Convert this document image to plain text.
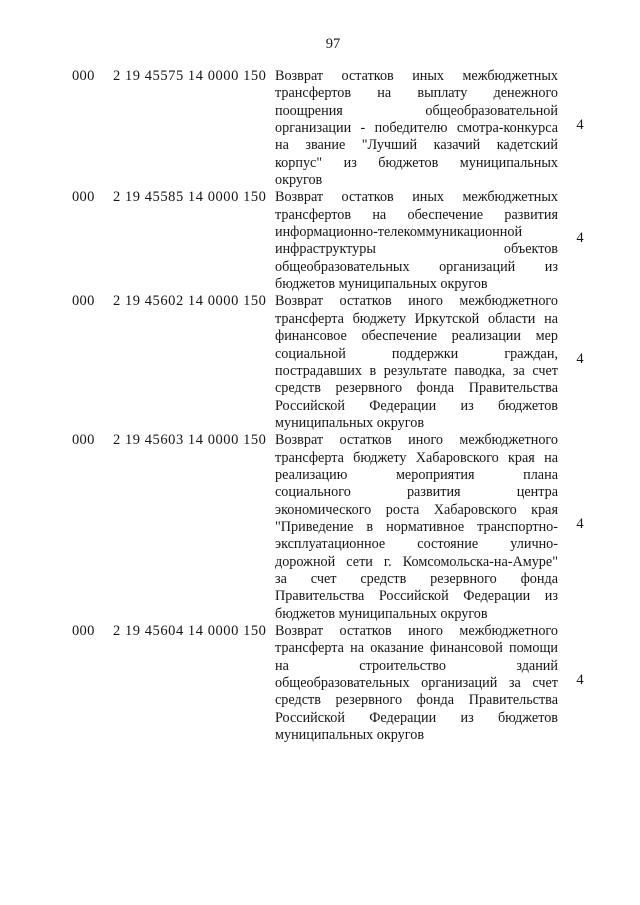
97
000	2 19 45575 14 0000 150 Возврат остатков иных межбюджетных
трансфертов на выплату денежного
поощрения общеобразовательной
организации - победителю смотра-конкурса
на звание "Лучший казачий кадетский
корпус" из бюджетов муниципальных
округов
4
000	2 19 45585 14 0000 150 Возврат остатков иных межбюджетных
трансфертов на обеспечение развития
информационно-телекоммуникационной
инфраструктуры объектов
общеобразовательных организаций из
бюджетов муниципальных округов
4
000	2 19 45602 14 0000 150 Возврат остатков иного межбюджетного
трансферта бюджету Иркутской области на
финансовое обеспечение реализации мер
социальной поддержки граждан,
пострадавших в результате паводка, за счет
средств резервного фонда Правительства
Российской Федерации из бюджетов
муниципальных округов
4
000	2 19 45603 14 0000 150 Возврат остатков иного межбюджетного
трансферта бюджету Хабаровского края на
реализацию мероприятия плана
социального развития центра
экономического роста Хабаровского края
"Приведение в нормативное транспортно-
эксплуатационное состояние улично-
дорожной сети г. Комсомольска-на-Амуре"
за счет средств резервного фонда
Правительства Российской Федерации из
бюджетов муниципальных округов
4
000	2 19 45604 14 0000 150 Возврат остатков иного межбюджетного
трансферта на оказание финансовой помощи
на строительство зданий
общеобразовательных организаций за счет
средств резервного фонда Правительства
Российской Федерации из бюджетов
муниципальных округов
4
